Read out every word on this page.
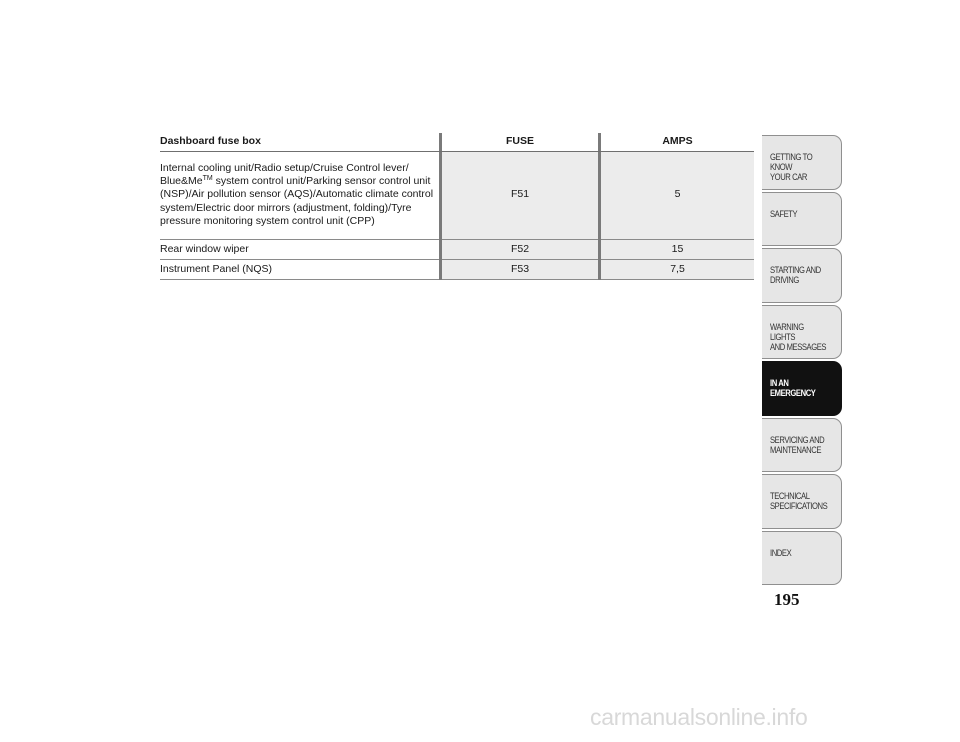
Dashboard fuse box		FUSE		AMPS
Internal cooling unit/Radio setup/Cruise Control lever/ Blue&Me™ system control unit/Parking sensor control unit (NSP)/Air pollution sensor (AQS)/Automatic climate control system/Electric door mirrors (adjustment, folding)/Tyre pressure monitoring system control unit (CPP)		F51		5
Rear window wiper		F52		15
Instrument Panel (NQS)		F53		7,5
GETTING TO KNOW
YOUR CAR
SAFETY
STARTING AND
DRIVING
WARNING LIGHTS
AND MESSAGES
IN AN
EMERGENCY
SERVICING AND
MAINTENANCE
TECHNICAL
SPECIFICATIONS
INDEX
195
carmanualsonline.info
